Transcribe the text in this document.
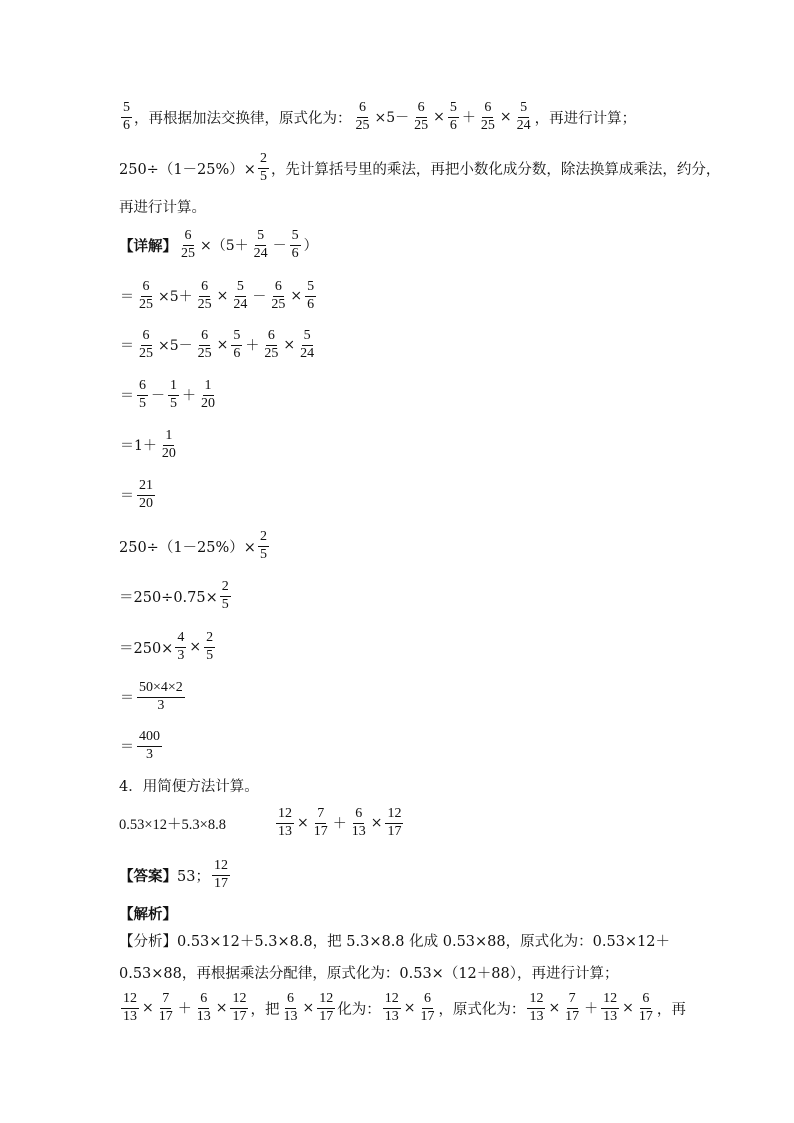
5
6 ，再根据加法交换律，原式化为： $\frac{6}{25} \times 5- \frac{6}{25} \times \frac{5}{6} + \frac{6}{25} \times \frac{5}{24}$ ，再进行计算；
$250\div(1-25\%)\times \frac{2}{5}$ ，先计算括号里的乘法，再把小数化成分数，除法换算成乘法，约分，
再进行计算。
【详解】 $\frac{6}{25} \times(5+$
5
24 －
5
6 ）
＝ $\frac{6}{25} \times 5+ \frac{6}{25} \times \frac{5}{24} - \frac{6}{25} \times \frac{5}{6}$
＝ $\frac{6}{25} \times 5- \frac{6}{25} \times \frac{5}{6} + \frac{6}{25} \times \frac{5}{24}$
＝
6
5 －
1
5 ＋
1
20
＝1＋
1
20
＝
21
20
$250\div(1-25\%)\times \frac{2}{5}$
$=250\div 0.75\times \frac{2}{5}$
$=250\times \frac{4}{3} \times \frac{2}{5}$
＝
50×4×2
3
＝
400
3
4．用简便方法计算。
0.53×12＋5.3×8.8	$\frac{12}{13} \times \frac{7}{17} + \frac{6}{13} \times \frac{12}{17}$
【答案】 53；
12
17
【解析】
【分析】0.53×12＋5.3×8.8，把 5.3×8.8 化成 0.53×88，原式化为：0.53×12＋
0.53×88，再根据乘法分配律，原式化为：0.53×（12＋88），再进行计算；
$\frac{12}{13} \times \frac{7}{17} + \frac{6}{13} \times \frac{12}{17}$ ，把 $\frac{6}{13} \times \frac{12}{17}$ 化为： $\frac{12}{13} \times \frac{6}{17}$ ，原式化为： $\frac{12}{13} \times \frac{7}{17} + \frac{12}{13} \times \frac{6}{17}$ ，再
